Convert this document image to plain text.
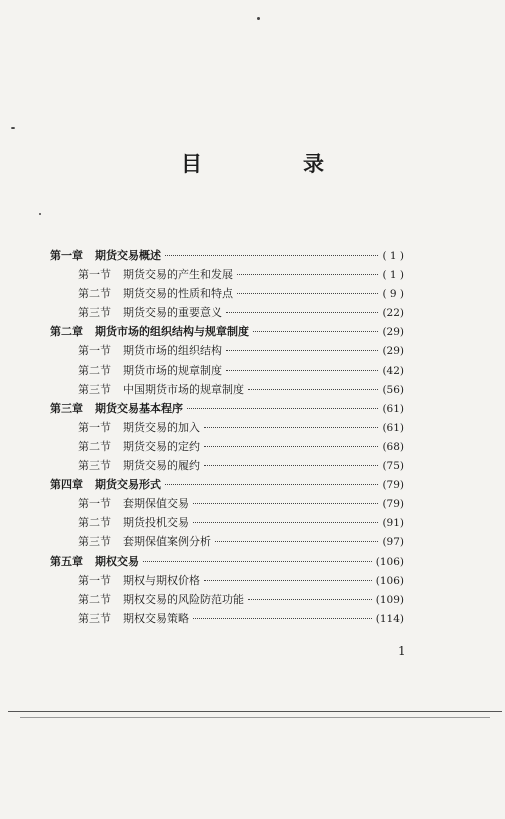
目　录
第一章 期货交易概述	( 1 )
第一节 期货交易的产生和发展	( 1 )
第二节 期货交易的性质和特点	( 9 )
第三节 期货交易的重要意义	(22)
第二章 期货市场的组织结构与规章制度	(29)
第一节 期货市场的组织结构	(29)
第二节 期货市场的规章制度	(42)
第三节 中国期货市场的规章制度	(56)
第三章 期货交易基本程序	(61)
第一节 期货交易的加入	(61)
第二节 期货交易的定约	(68)
第三节 期货交易的履约	(75)
第四章 期货交易形式	(79)
第一节 套期保值交易	(79)
第二节 期货投机交易	(91)
第三节 套期保值案例分析	(97)
第五章 期权交易	(106)
第一节 期权与期权价格	(106)
第二节 期权交易的风险防范功能	(109)
第三节 期权交易策略	(114)
1
